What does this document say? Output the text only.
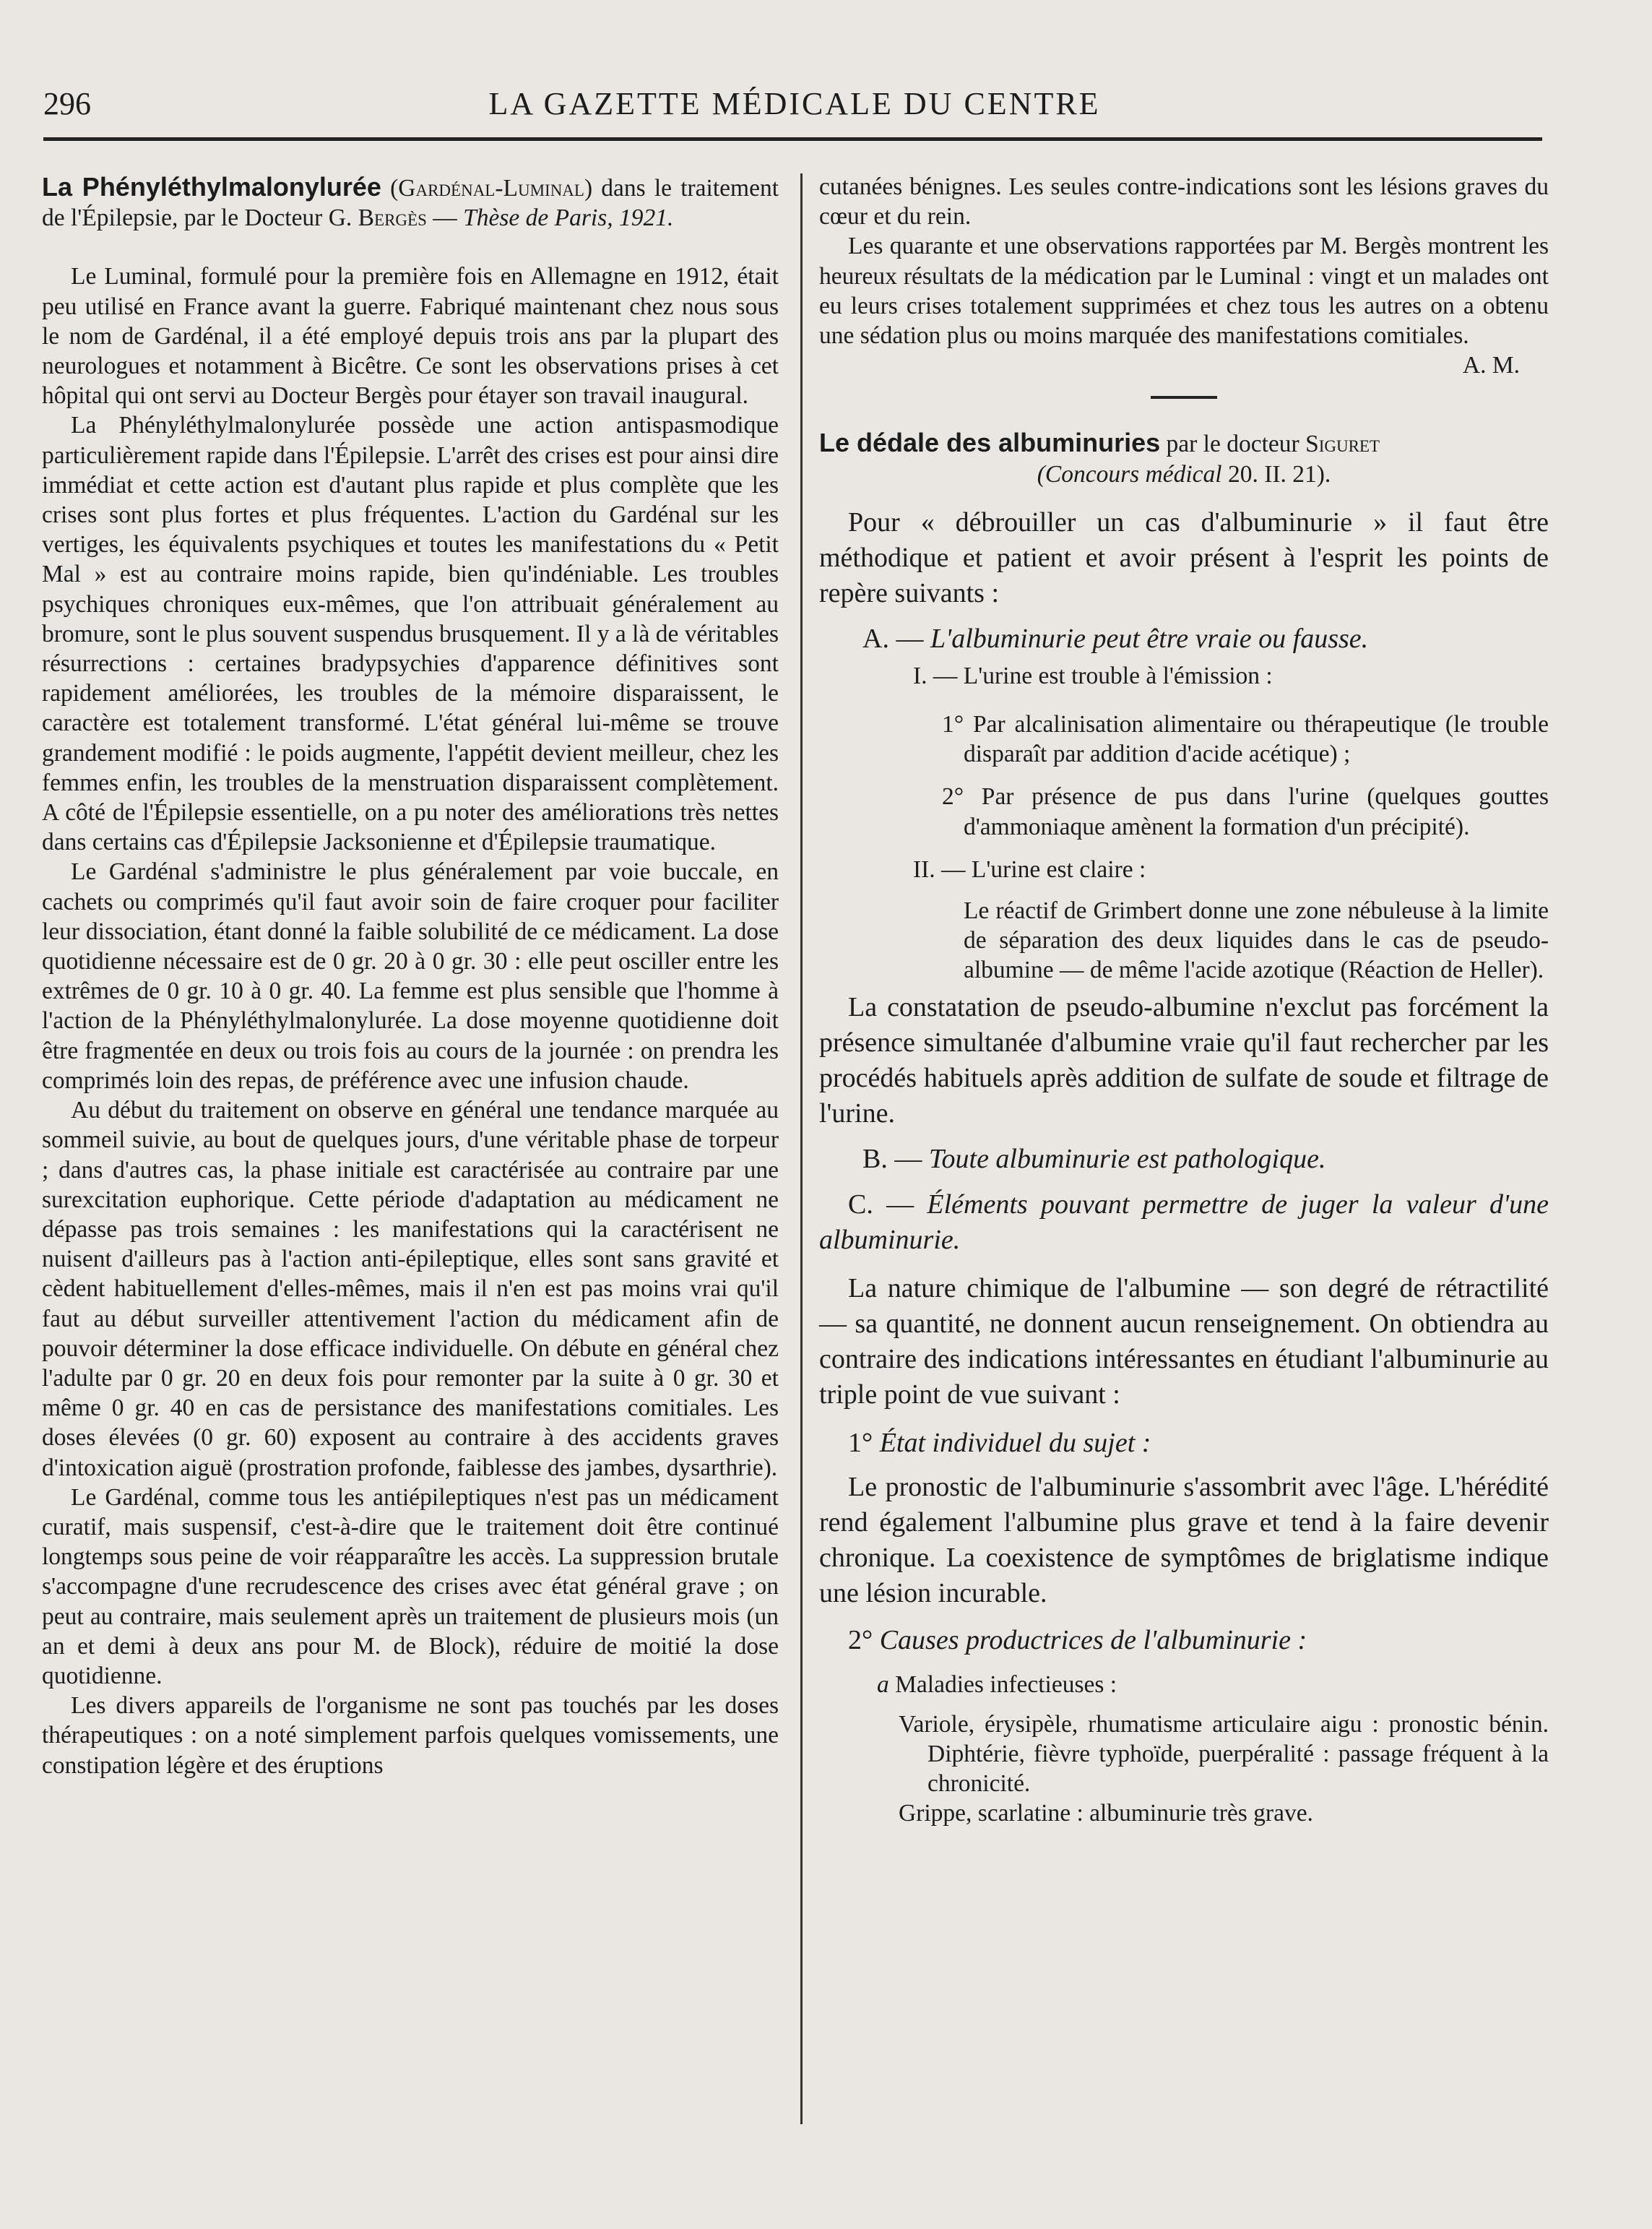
296	LA GAZETTE MÉDICALE DU CENTRE

La Phényléthylmalonylurée (Gardénal-Luminal) dans le traitement de l'Épilepsie, par le Docteur G. Bergès — Thèse de Paris, 1921.

Le Luminal, formulé pour la première fois en Allemagne en 1912, était peu utilisé en France avant la guerre. Fabriqué maintenant chez nous sous le nom de Gardénal, il a été employé depuis trois ans par la plupart des neurologues et notamment à Bicêtre. Ce sont les observations prises à cet hôpital qui ont servi au Docteur Bergès pour étayer son travail inaugural.

La Phényléthylmalonylurée possède une action antispasmodique particulièrement rapide dans l'Épilepsie. L'arrêt des crises est pour ainsi dire immédiat et cette action est d'autant plus rapide et plus complète que les crises sont plus fortes et plus fréquentes. L'action du Gardénal sur les vertiges, les équivalents psychiques et toutes les manifestations du « Petit Mal » est au contraire moins rapide, bien qu'indéniable. Les troubles psychiques chroniques eux-mêmes, que l'on attribuait généralement au bromure, sont le plus souvent suspendus brusquement. Il y a là de véritables résurrections : certaines bradypsychies d'apparence définitives sont rapidement améliorées, les troubles de la mémoire disparaissent, le caractère est totalement transformé. L'état général lui-même se trouve grandement modifié : le poids augmente, l'appétit devient meilleur, chez les femmes enfin, les troubles de la menstruation disparaissent complètement. A côté de l'Épilepsie essentielle, on a pu noter des améliorations très nettes dans certains cas d'Épilepsie Jacksonienne et d'Épilepsie traumatique.

Le Gardénal s'administre le plus généralement par voie buccale, en cachets ou comprimés qu'il faut avoir soin de faire croquer pour faciliter leur dissociation, étant donné la faible solubilité de ce médicament. La dose quotidienne nécessaire est de 0 gr. 20 à 0 gr. 30 : elle peut osciller entre les extrêmes de 0 gr. 10 à 0 gr. 40. La femme est plus sensible que l'homme à l'action de la Phényléthylmalonylurée. La dose moyenne quotidienne doit être fragmentée en deux ou trois fois au cours de la journée : on prendra les comprimés loin des repas, de préférence avec une infusion chaude.

Au début du traitement on observe en général une tendance marquée au sommeil suivie, au bout de quelques jours, d'une véritable phase de torpeur ; dans d'autres cas, la phase initiale est caractérisée au contraire par une surexcitation euphorique. Cette période d'adaptation au médicament ne dépasse pas trois semaines : les manifestations qui la caractérisent ne nuisent d'ailleurs pas à l'action anti-épileptique, elles sont sans gravité et cèdent habituellement d'elles-mêmes, mais il n'en est pas moins vrai qu'il faut au début surveiller attentivement l'action du médicament afin de pouvoir déterminer la dose efficace individuelle. On débute en général chez l'adulte par 0 gr. 20 en deux fois pour remonter par la suite à 0 gr. 30 et même 0 gr. 40 en cas de persistance des manifestations comitiales. Les doses élevées (0 gr. 60) exposent au contraire à des accidents graves d'intoxication aiguë (prostration profonde, faiblesse des jambes, dysarthrie).

Le Gardénal, comme tous les antiépileptiques n'est pas un médicament curatif, mais suspensif, c'est-à-dire que le traitement doit être continué longtemps sous peine de voir réapparaître les accès. La suppression brutale s'accompagne d'une recrudescence des crises avec état général grave ; on peut au contraire, mais seulement après un traitement de plusieurs mois (un an et demi à deux ans pour M. de Block), réduire de moitié la dose quotidienne.

Les divers appareils de l'organisme ne sont pas touchés par les doses thérapeutiques : on a noté simplement parfois quelques vomissements, une constipation légère et des éruptions

cutanées bénignes. Les seules contre-indications sont les lésions graves du cœur et du rein.

Les quarante et une observations rapportées par M. Bergès montrent les heureux résultats de la médication par le Luminal : vingt et un malades ont eu leurs crises totalement supprimées et chez tous les autres on a obtenu une sédation plus ou moins marquée des manifestations comitiales.

A. M.

Le dédale des albuminuries par le docteur Siguret

(Concours médical 20. II. 21).

Pour « débrouiller un cas d'albuminurie » il faut être méthodique et patient et avoir présent à l'esprit les points de repère suivants :

A. — L'albuminurie peut être vraie ou fausse.

I. — L'urine est trouble à l'émission :

1° Par alcalinisation alimentaire ou thérapeutique (le trouble disparaît par addition d'acide acétique) ;

2° Par présence de pus dans l'urine (quelques gouttes d'ammoniaque amènent la formation d'un précipité).

II. — L'urine est claire :

Le réactif de Grimbert donne une zone nébuleuse à la limite de séparation des deux liquides dans le cas de pseudo-albumine — de même l'acide azotique (Réaction de Heller).

La constatation de pseudo-albumine n'exclut pas forcément la présence simultanée d'albumine vraie qu'il faut rechercher par les procédés habituels après addition de sulfate de soude et filtrage de l'urine.

B. — Toute albuminurie est pathologique.

C. — Éléments pouvant permettre de juger la valeur d'une albuminurie.

La nature chimique de l'albumine — son degré de rétractilité — sa quantité, ne donnent aucun renseignement. On obtiendra au contraire des indications intéressantes en étudiant l'albuminurie au triple point de vue suivant :

1° État individuel du sujet :

Le pronostic de l'albuminurie s'assombrit avec l'âge. L'hérédité rend également l'albumine plus grave et tend à la faire devenir chronique. La coexistence de symptômes de briglatisme indique une lésion incurable.

2° Causes productrices de l'albuminurie :

a Maladies infectieuses :

Variole, érysipèle, rhumatisme articulaire aigu : pronostic bénin. Diphtérie, fièvre typhoïde, puerpéralité : passage fréquent à la chronicité.

Grippe, scarlatine : albuminurie très grave.
